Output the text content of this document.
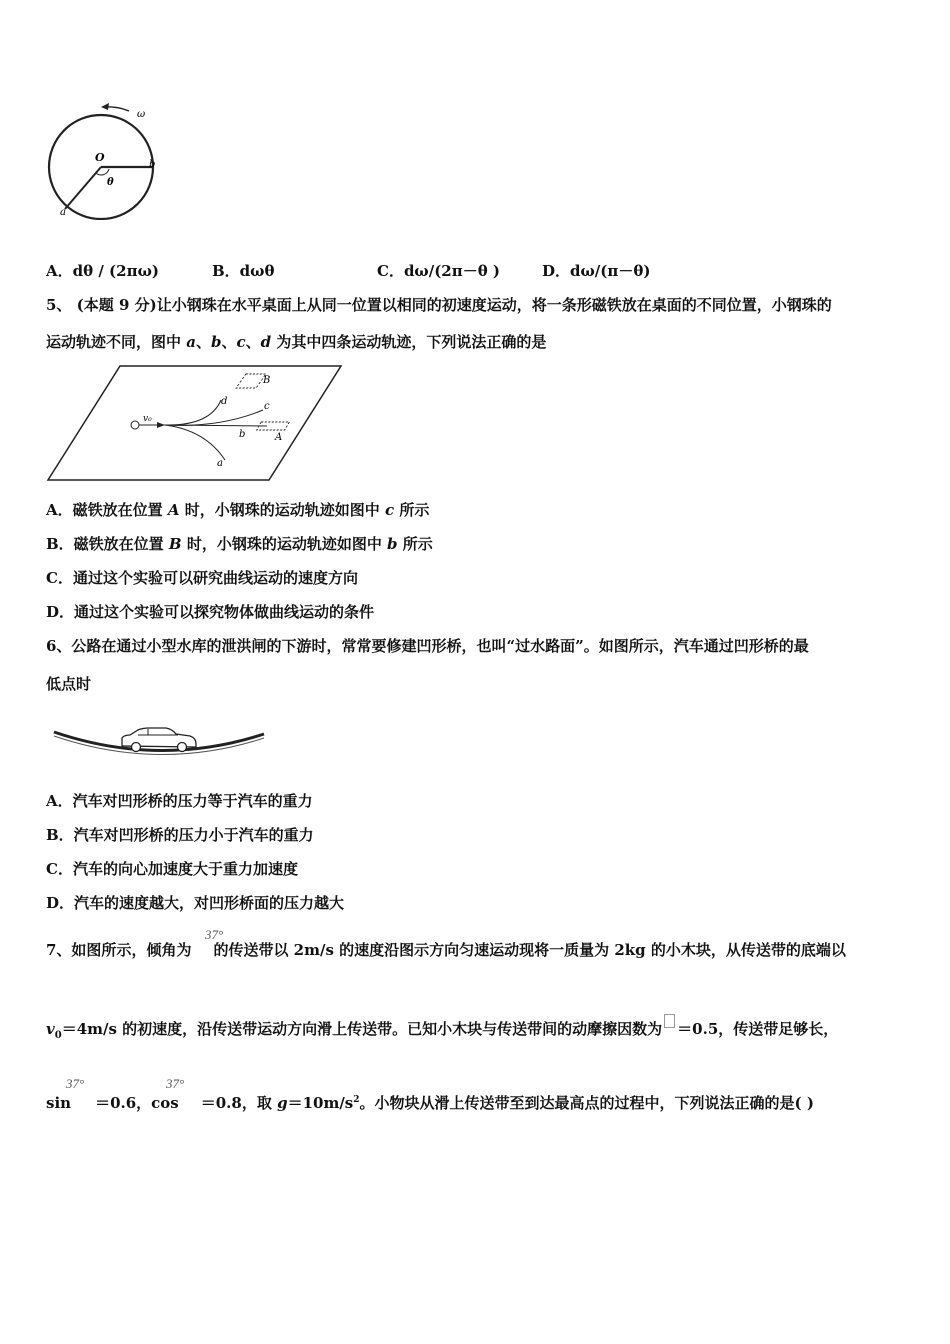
ω
O
b
θ
a
A．dθ / (2πω)	B．dωθ	C．dω/(2π－θ )	D．dω/(π－θ)
5、 (本题 9 分)让小钢珠在水平桌面上从同一位置以相同的初速度运动，将一条形磁铁放在桌面的不同位置，小钢珠的
运动轨迹不同，图中 a、b、c、d 为其中四条运动轨迹，下列说法正确的是
v₀
d	c
b
a
A
B
A．磁铁放在位置 A 时，小钢珠的运动轨迹如图中 c 所示
B．磁铁放在位置 B 时，小钢珠的运动轨迹如图中 b 所示
C．通过这个实验可以研究曲线运动的速度方向
D．通过这个实验可以探究物体做曲线运动的条件
6、公路在通过小型水库的泄洪闸的下游时，常常要修建凹形桥，也叫“过水路面”。如图所示，汽车通过凹形桥的最
低点时
A．汽车对凹形桥的压力等于汽车的重力
B．汽车对凹形桥的压力小于汽车的重力
C．汽车的向心加速度大于重力加速度
D．汽车的速度越大，对凹形桥面的压力越大
7、如图所示，倾角为 的传送带以 2m/s 的速度沿图示方向匀速运动现将一质量为 2kg 的小木块，从传送带的底端以
37°
$v_0=4m/s$ 的初速度，沿传送带运动方向滑上传送带。已知小木块与传送带间的动摩擦因数为 ＝0.5，传送带足够长，
sin ＝0.6，cos ＝0.8，取 $g=10m/s^2$。小物块从滑上传送带至到达最高点的过程中，下列说法正确的是( )
37°	37°
